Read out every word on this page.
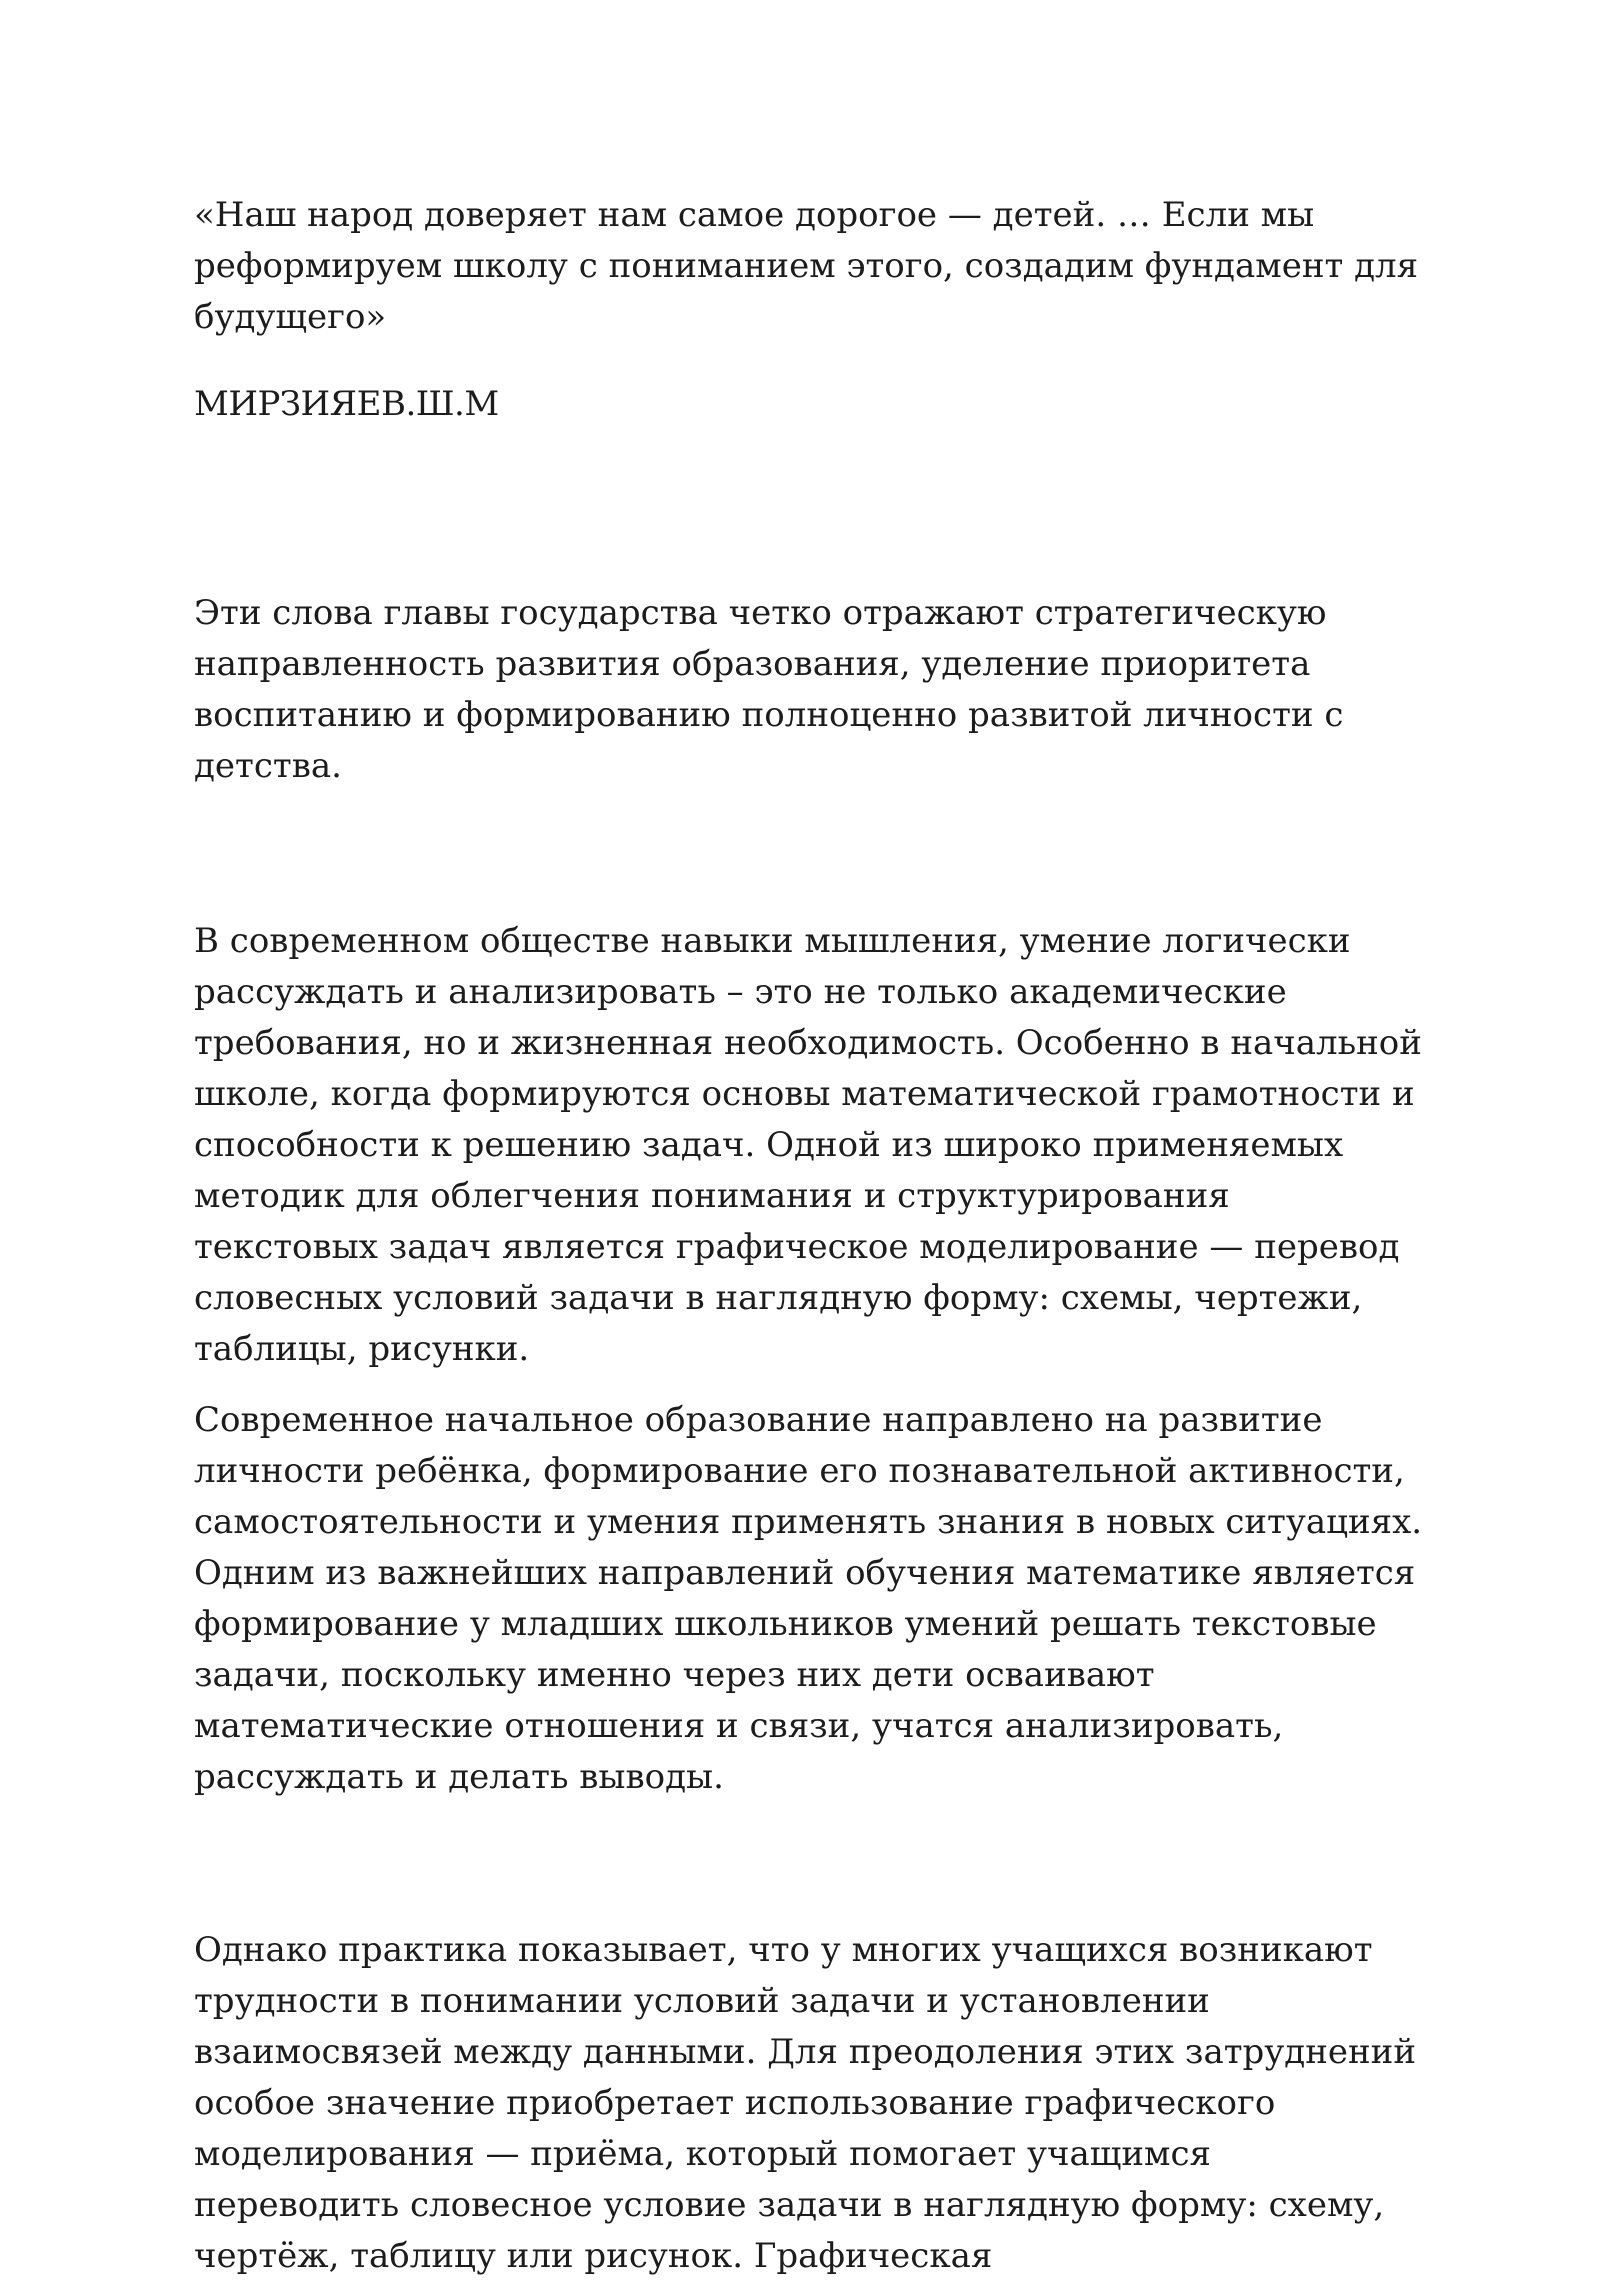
«Наш народ доверяет нам самое дорогое — детей. … Если мы реформируем школу с пониманием этого, создадим фундамент для будущего»

МИРЗИЯЕВ.Ш.М

Эти слова главы государства четко отражают стратегическую направленность развития образования, уделение приоритета воспитанию и формированию полноценно развитой личности с детства.

В современном обществе навыки мышления, умение логически рассуждать и анализировать – это не только академические требования, но и жизненная необходимость. Особенно в начальной школе, когда формируются основы математической грамотности и способности к решению задач. Одной из широко применяемых методик для облегчения понимания и структурирования текстовых задач является графическое моделирование — перевод словесных условий задачи в наглядную форму: схемы, чертежи, таблицы, рисунки.

Современное начальное образование направлено на развитие личности ребёнка, формирование его познавательной активности, самостоятельности и умения применять знания в новых ситуациях. Одним из важнейших направлений обучения математике является формирование у младших школьников умений решать текстовые задачи, поскольку именно через них дети осваивают математические отношения и связи, учатся анализировать, рассуждать и делать выводы.

Однако практика показывает, что у многих учащихся возникают трудности в понимании условий задачи и установлении взаимосвязей между данными. Для преодоления этих затруднений особое значение приобретает использование графического моделирования — приёма, который помогает учащимся переводить словесное условие задачи в наглядную форму: схему, чертёж, таблицу или рисунок. Графическая
